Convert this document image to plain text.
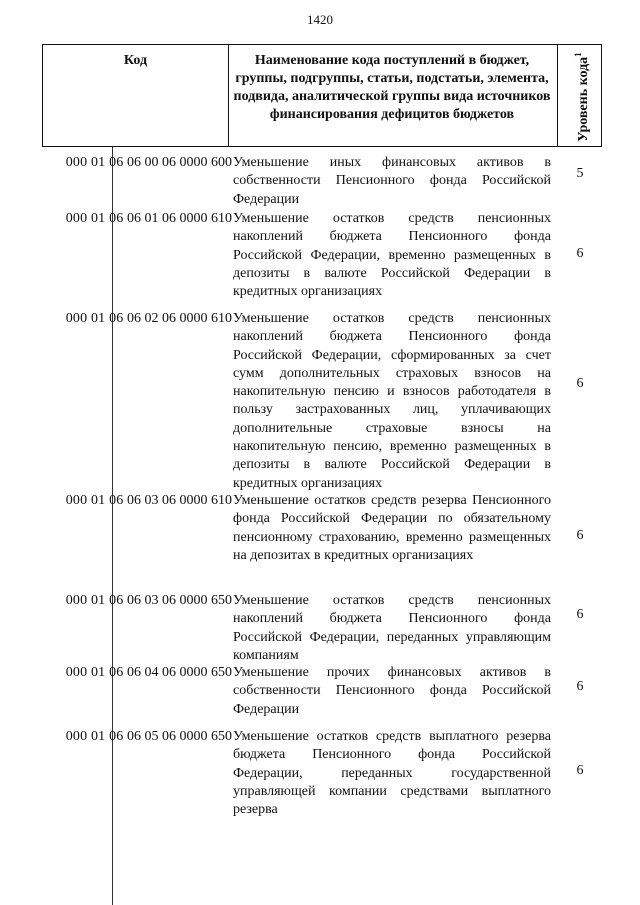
1420
Код	Наименование кода поступлений в бюджет, группы, подгруппы, статьи, подстатьи, элемента, подвида, аналитической группы вида источников финансирования дефицитов бюджетов	Уровень кода$^1$
000 01 06 06 00 06 0000 600 Уменьшение иных финансовых активов в собственности Пенсионного фонда Российской Федерации
5
000 01 06 06 01 06 0000 610 Уменьшение остатков средств пенсионных накоплений бюджета Пенсионного фонда Российской Федерации, временно размещенных в депозиты в валюте Российской Федерации в кредитных организациях
6
000 01 06 06 02 06 0000 610 Уменьшение остатков средств пенсионных накоплений бюджета Пенсионного фонда Российской Федерации, сформированных за счет сумм дополнительных страховых взносов на накопительную пенсию и взносов работодателя в пользу застрахованных лиц, уплачивающих дополнительные страховые взносы на накопительную пенсию, временно размещенных в депозиты в валюте Российской Федерации в кредитных организациях
6
000 01 06 06 03 06 0000 610 Уменьшение остатков средств резерва Пенсионного фонда Российской Федерации по обязательному пенсионному страхованию, временно размещенных на депозитах в кредитных организациях
6
000 01 06 06 03 06 0000 650 Уменьшение остатков средств пенсионных накоплений бюджета Пенсионного фонда Российской Федерации, переданных управляющим компаниям
6
000 01 06 06 04 06 0000 650 Уменьшение прочих финансовых активов в собственности Пенсионного фонда Российской Федерации
6
000 01 06 06 05 06 0000 650 Уменьшение остатков средств выплатного резерва бюджета Пенсионного фонда Российской Федерации, переданных государственной управляющей компании средствами выплатного резерва
6
